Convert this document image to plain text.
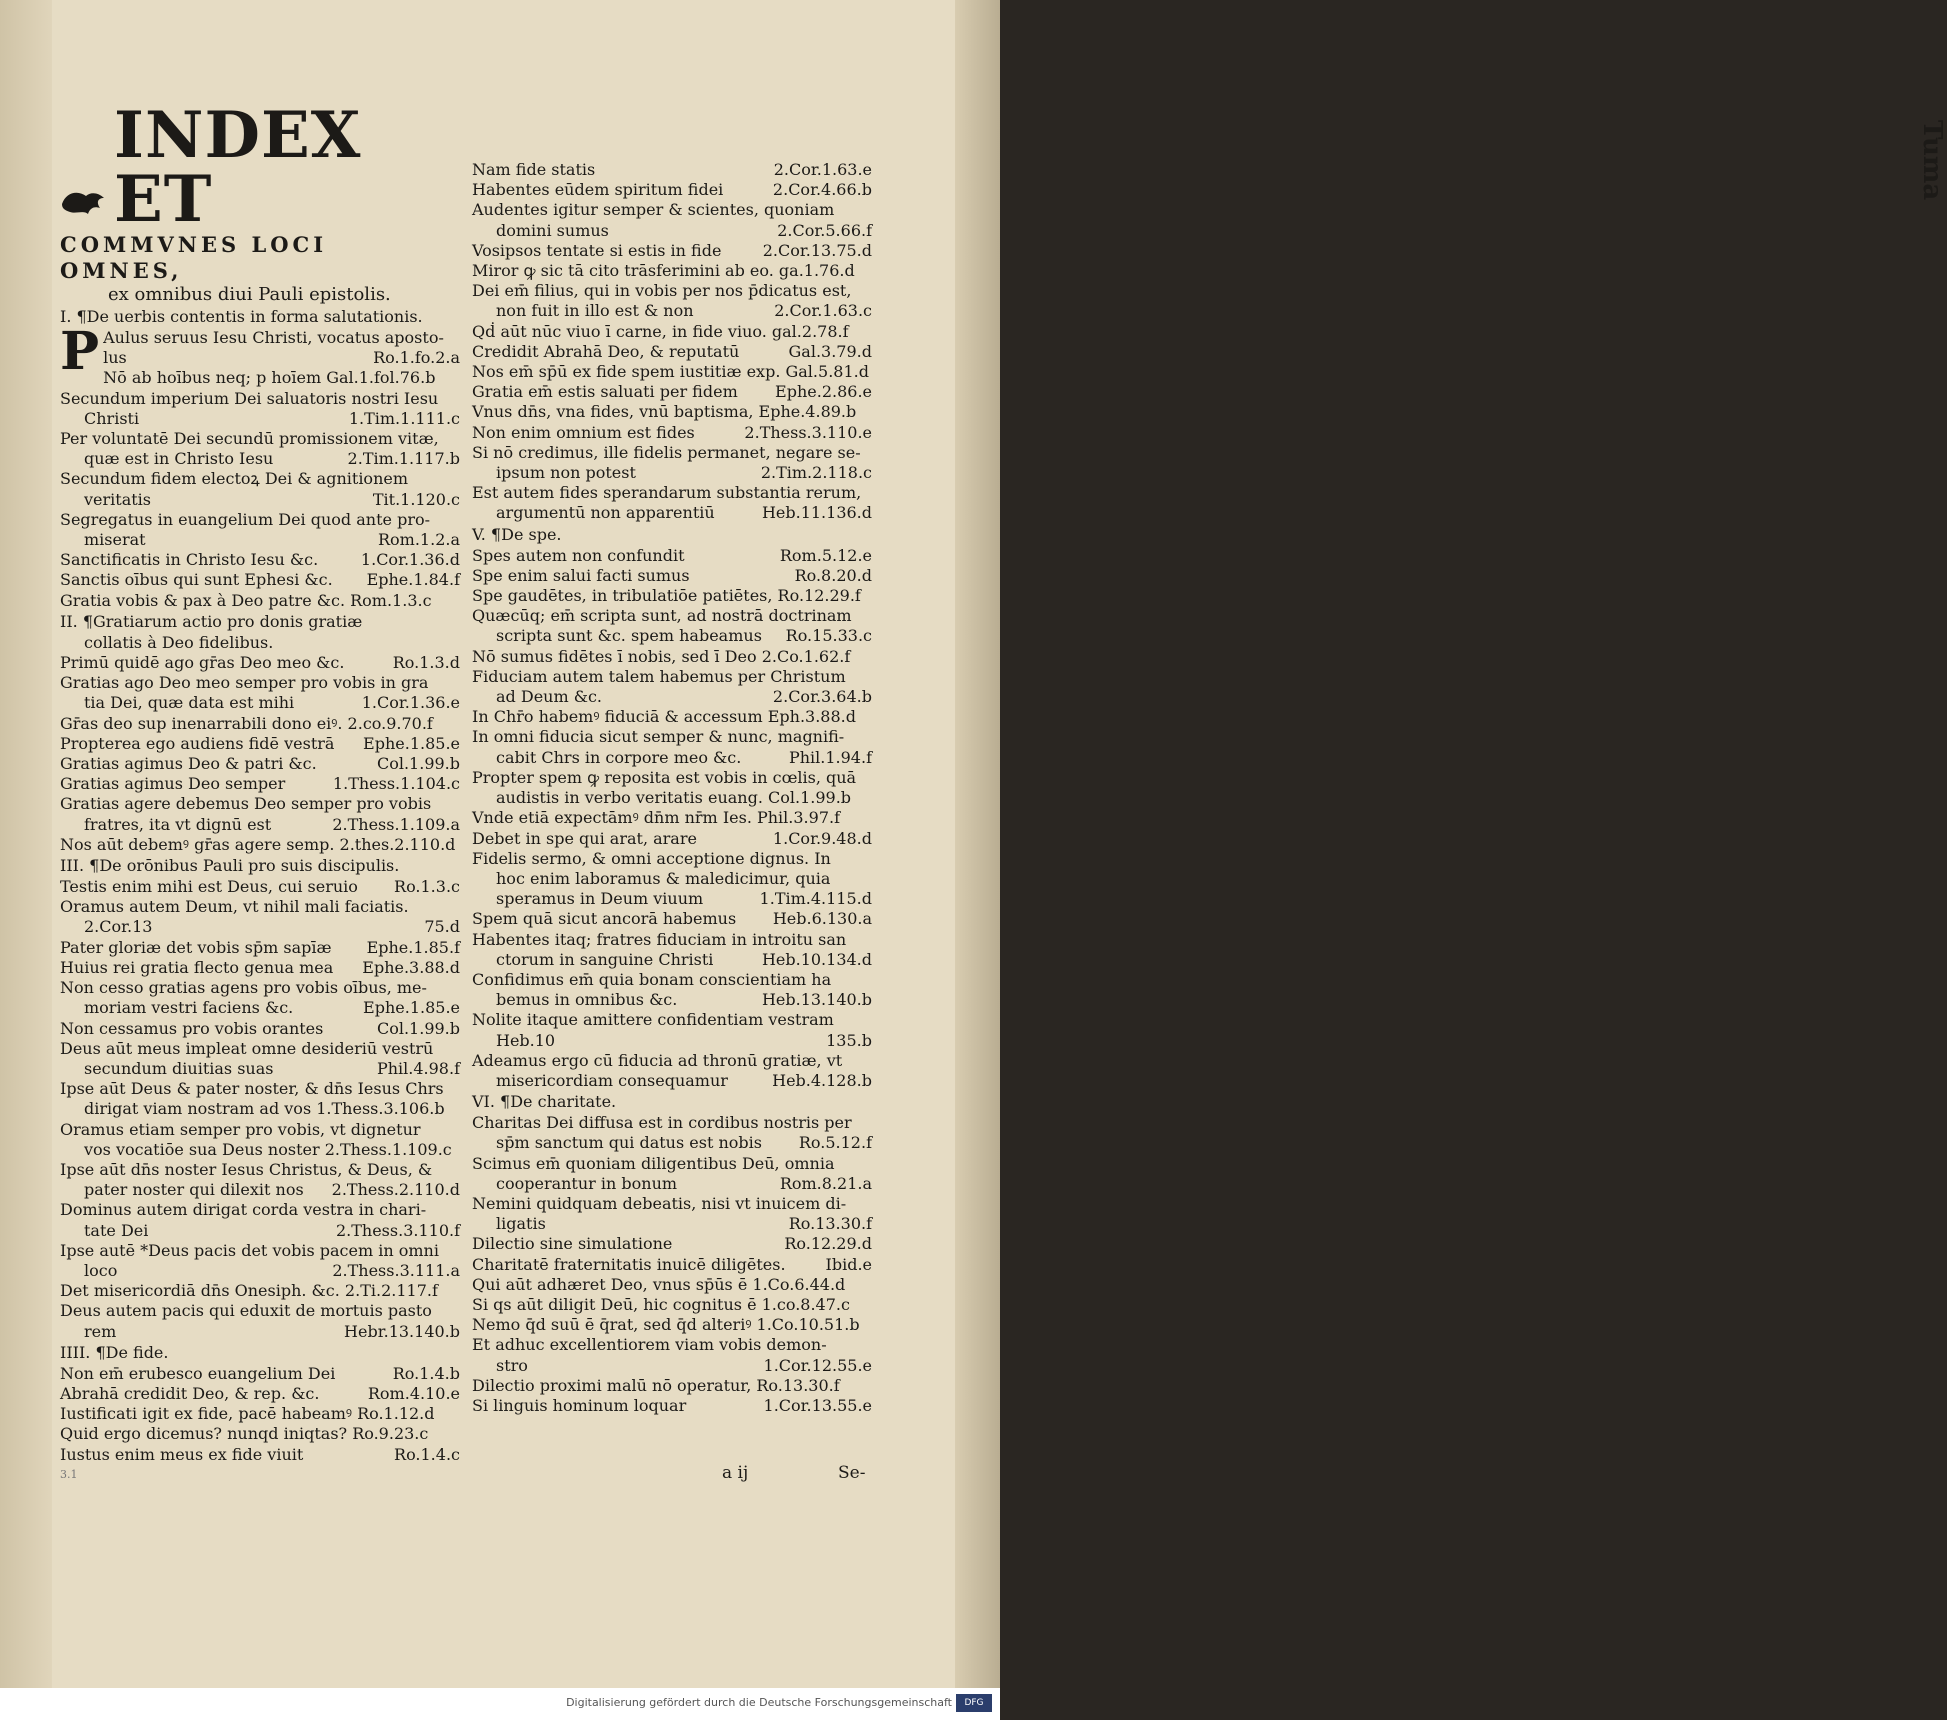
Tuma
INDEX ET
COMMVNES LOCI OMNES,
ex omnibus diui Pauli epistolis.
I. ¶De uerbis contentis in forma salutationis.
P Aulus seruus Iesu Christi, vocatus aposto-
Ro.1.fo.2.a
lus
Nō ab hoībus neq; p hoīem Gal.1.fol.76.b
Secundum imperium Dei saluatoris nostri Iesu
1.Tim.1.111.c
Christi
Per voluntatē Dei secundū promissionem vitæ,
2.Tim.1.117.b
quæ est in Christo Iesu
Secundum fidem electoꝝ Dei & agnitionem
Tit.1.120.c
veritatis
Segregatus in euangelium Dei quod ante pro-
Rom.1.2.a
miserat
1.Cor.1.36.d
Sanctificatis in Christo Iesu &c.
Ephe.1.84.f
Sanctis oībus qui sunt Ephesi &c.
Gratia vobis & pax à Deo patre &c. Rom.1.3.c
II. ¶Gratiarum actio pro donis gratiæ
collatis à Deo fidelibus.
Ro.1.3.d
Primū quidē ago gr̄as Deo meo &c.
Gratias ago Deo meo semper pro vobis in gra
1.Cor.1.36.e
tia Dei, quæ data est mihi
Gr̄as deo sup inenarrabili dono eiꝰ. 2.co.9.70.f
Ephe.1.85.e
Propterea ego audiens fidē vestrā
Col.1.99.b
Gratias agimus Deo & patri &c.
1.Thess.1.104.c
Gratias agimus Deo semper
Gratias agere debemus Deo semper pro vobis
2.Thess.1.109.a
fratres, ita vt dignū est
Nos aūt debemꝰ gr̄as agere semp. 2.thes.2.110.d
III. ¶De orōnibus Pauli pro suis discipulis.
Ro.1.3.c
Testis enim mihi est Deus, cui seruio
Oramus autem Deum, vt nihil mali faciatis.
75.d
2.Cor.13
Ephe.1.85.f
Pater gloriæ det vobis sp̄m sapīæ
Ephe.3.88.d
Huius rei gratia flecto genua mea
Non cesso gratias agens pro vobis oībus, me-
Ephe.1.85.e
moriam vestri faciens &c.
Col.1.99.b
Non cessamus pro vobis orantes
Deus aūt meus impleat omne desideriū vestrū
Phil.4.98.f
secundum diuitias suas
Ipse aūt Deus & pater noster, & dn̄s Iesus Chrs
dirigat viam nostram ad vos 1.Thess.3.106.b
Oramus etiam semper pro vobis, vt dignetur
vos vocatiōe sua Deus noster 2.Thess.1.109.c
Ipse aūt dn̄s noster Iesus Christus, & Deus, &
2.Thess.2.110.d
pater noster qui dilexit nos
Dominus autem dirigat corda vestra in chari-
2.Thess.3.110.f
tate Dei
Ipse autē *Deus pacis det vobis pacem in omni
2.Thess.3.111.a
loco
Det misericordiā dn̄s Onesiph. &c. 2.Ti.2.117.f
Deus autem pacis qui eduxit de mortuis pasto
Hebr.13.140.b
rem
IIII. ¶De fide.
Ro.1.4.b
Non em̄ erubesco euangelium Dei
Rom.4.10.e
Abrahā credidit Deo, & rep. &c.
Iustificati igit ex fide, pacē habeamꝰ Ro.1.12.d
Quid ergo dicemus? nunqd iniqtas? Ro.9.23.c
Ro.1.4.c
Iustus enim meus ex fide viuit
2.Cor.1.63.e
Nam fide statis
2.Cor.4.66.b
Habentes eūdem spiritum fidei
Audentes igitur semper & scientes, quoniam
2.Cor.5.66.f
domini sumus
2.Cor.13.75.d
Vosipsos tentate si estis in fide
Miror ꝙ sic tā cito trāsferimini ab eo. ga.1.76.d
Dei em̄ filius, qui in vobis per nos p̄dicatus est,
2.Cor.1.63.c
non fuit in illo est & non
Qḋ aūt nūc viuo ī carne, in fide viuo. gal.2.78.f
Gal.3.79.d
Credidit Abrahā Deo, & reputatū
Nos em̄ sp̄ū ex fide spem iustitiæ exp. Gal.5.81.d
Ephe.2.86.e
Gratia em̄ estis saluati per fidem
Vnus dn̄s, vna fides, vnū baptisma, Ephe.4.89.b
2.Thess.3.110.e
Non enim omnium est fides
Si nō credimus, ille fidelis permanet, negare se-
2.Tim.2.118.c
ipsum non potest
Est autem fides sperandarum substantia rerum,
Heb.11.136.d
argumentū non apparentiū
V. ¶De spe.
Rom.5.12.e
Spes autem non confundit
Ro.8.20.d
Spe enim salui facti sumus
Spe gaudētes, in tribulatiōe patiētes, Ro.12.29.f
Quæcūq; em̄ scripta sunt, ad nostrā doctrinam
Ro.15.33.c
scripta sunt &c. spem habeamus
Nō sumus fidētes ī nobis, sed ī Deo 2.Co.1.62.f
Fiduciam autem talem habemus per Christum
2.Cor.3.64.b
ad Deum &c.
In Chr̄o habemꝰ fiduciā & accessum Eph.3.88.d
In omni fiducia sicut semper & nunc, magnifi-
Phil.1.94.f
cabit Chrs in corpore meo &c.
Propter spem ꝙ reposita est vobis in cœlis, quā
audistis in verbo veritatis euang. Col.1.99.b
Vnde etiā expectāmꝰ dn̄m nr̄m Ies. Phil.3.97.f
1.Cor.9.48.d
Debet in spe qui arat, arare
Fidelis sermo, & omni acceptione dignus. In
hoc enim laboramus & maledicimur, quia
1.Tim.4.115.d
speramus in Deum viuum
Heb.6.130.a
Spem quā sicut ancorā habemus
Habentes itaq; fratres fiduciam in introitu san
Heb.10.134.d
ctorum in sanguine Christi
Confidimus em̄ quia bonam conscientiam ha
Heb.13.140.b
bemus in omnibus &c.
Nolite itaque amittere confidentiam vestram
135.b
Heb.10
Adeamus ergo cū fiducia ad thronū gratiæ, vt
Heb.4.128.b
misericordiam consequamur
VI. ¶De charitate.
Charitas Dei diffusa est in cordibus nostris per
Ro.5.12.f
sp̄m sanctum qui datus est nobis
Scimus em̄ quoniam diligentibus Deū, omnia
Rom.8.21.a
cooperantur in bonum
Nemini quidquam debeatis, nisi vt inuicem di-
Ro.13.30.f
ligatis
Ro.12.29.d
Dilectio sine simulatione
Ibid.e
Charitatē fraternitatis inuicē diligētes.
Qui aūt adhæret Deo, vnus sp̄ūs ē 1.Co.6.44.d
Si qs aūt diligit Deū, hic cognitus ē 1.co.8.47.c
Nemo q̄d suū ē q̄rat, sed q̄d alteriꝰ 1.Co.10.51.b
Et adhuc excellentiorem viam vobis demon-
1.Cor.12.55.e
stro
Dilectio proximi malū nō operatur, Ro.13.30.f
1.Cor.13.55.e
Si linguis hominum loquar
a ij	Se-
3.1
Digitalisierung gefördert durch die Deutsche Forschungsgemeinschaft	DFG
